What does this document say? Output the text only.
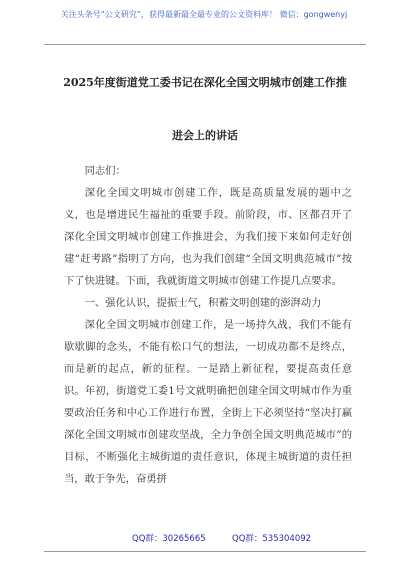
关注头条号“公文研究”，获得最新最全最专业的公文资料库！ 微信：gongwenyj
2025年度街道党工委书记在深化全国文明城市创建工作推
进会上的讲话

同志们：

深化全国文明城市创建工作，既是高质量发展的题中之义，也是增进民生福祉的重要手段。前阶段，市、区都召开了深化全国文明城市创建工作推进会，为我们接下来如何走好创建“赶考路”指明了方向，也为我们创建“全国文明典范城市”按下了快进键。下面，我就街道文明城市创建工作提几点要求。

一、强化认识，提振士气，积蓄文明创建的澎湃动力

深化全国文明城市创建工作，是一场持久战，我们不能有歇歇脚的念头，不能有松口气的想法，一切成功都不是终点，而是新的起点，新的征程。一是踏上新征程，要提高责任意识。年初，街道党工委1号文就明确把创建全国文明城市作为重要政治任务和中心工作进行布置，全街上下必须坚持“坚决打赢深化全国文明城市创建攻坚战，全力争创全国文明典范城市”的目标，不断强化主城街道的责任意识，体现主城街道的责任担当，敢于争先，奋勇拼

QQ群：30265665	QQ群：535304092
